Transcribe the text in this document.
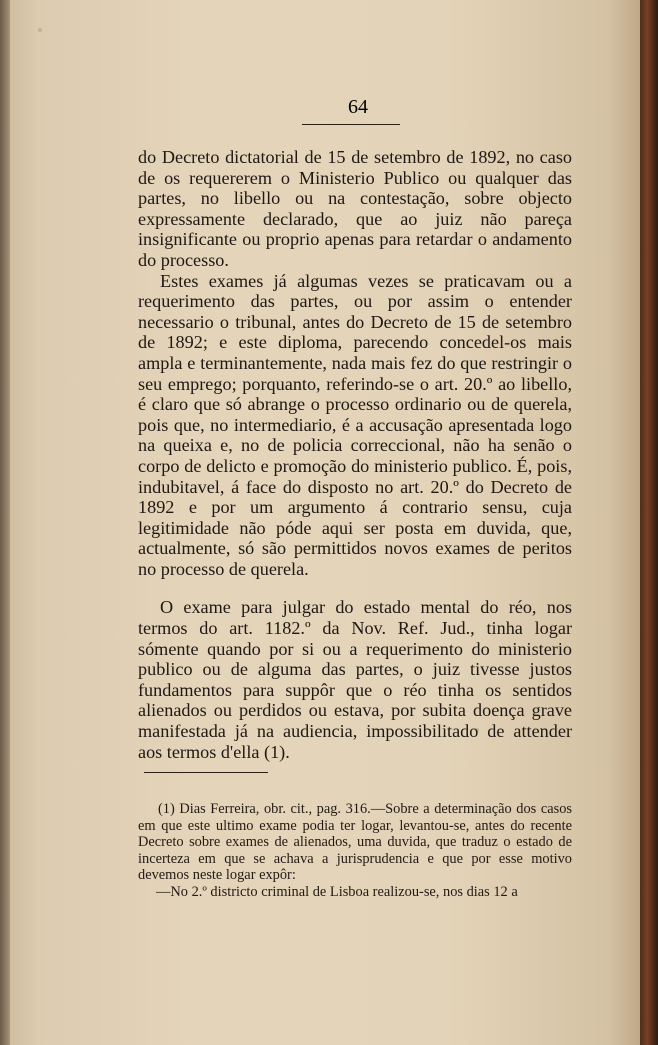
64

do Decreto dictatorial de 15 de setembro de 1892, no caso de os requererem o Ministerio Publico ou qualquer das partes, no libello ou na contestação, sobre objecto expressamente declarado, que ao juiz não pareça insignificante ou proprio apenas para retardar o andamento do processo.

Estes exames já algumas vezes se praticavam ou a requerimento das partes, ou por assim o entender necessario o tribunal, antes do Decreto de 15 de setembro de 1892; e este diploma, parecendo concedel-os mais ampla e terminantemente, nada mais fez do que restringir o seu emprego; porquanto, referindo-se o art. 20.º ao libello, é claro que só abrange o processo ordinario ou de querela, pois que, no intermediario, é a accusação apresentada logo na queixa e, no de policia correccional, não ha senão o corpo de delicto e promoção do ministerio publico. É, pois, indubitavel, á face do disposto no art. 20.º do Decreto de 1892 e por um argumento á contrario sensu, cuja legitimidade não póde aqui ser posta em duvida, que, actualmente, só são permittidos novos exames de peritos no processo de querela.

O exame para julgar do estado mental do réo, nos termos do art. 1182.º da Nov. Ref. Jud., tinha logar sómente quando por si ou a requerimento do ministerio publico ou de alguma das partes, o juiz tivesse justos fundamentos para suppôr que o réo tinha os sentidos alienados ou perdidos ou estava, por subita doença grave manifestada já na audiencia, impossibilitado de attender aos termos d'ella (1).

(1) Dias Ferreira, obr. cit., pag. 316.—Sobre a determinação dos casos em que este ultimo exame podia ter logar, levantou-se, antes do recente Decreto sobre exames de alienados, uma duvida, que traduz o estado de incerteza em que se achava a jurisprudencia e que por esse motivo devemos neste logar expôr:

—No 2.º districto criminal de Lisboa realizou-se, nos dias 12 a
